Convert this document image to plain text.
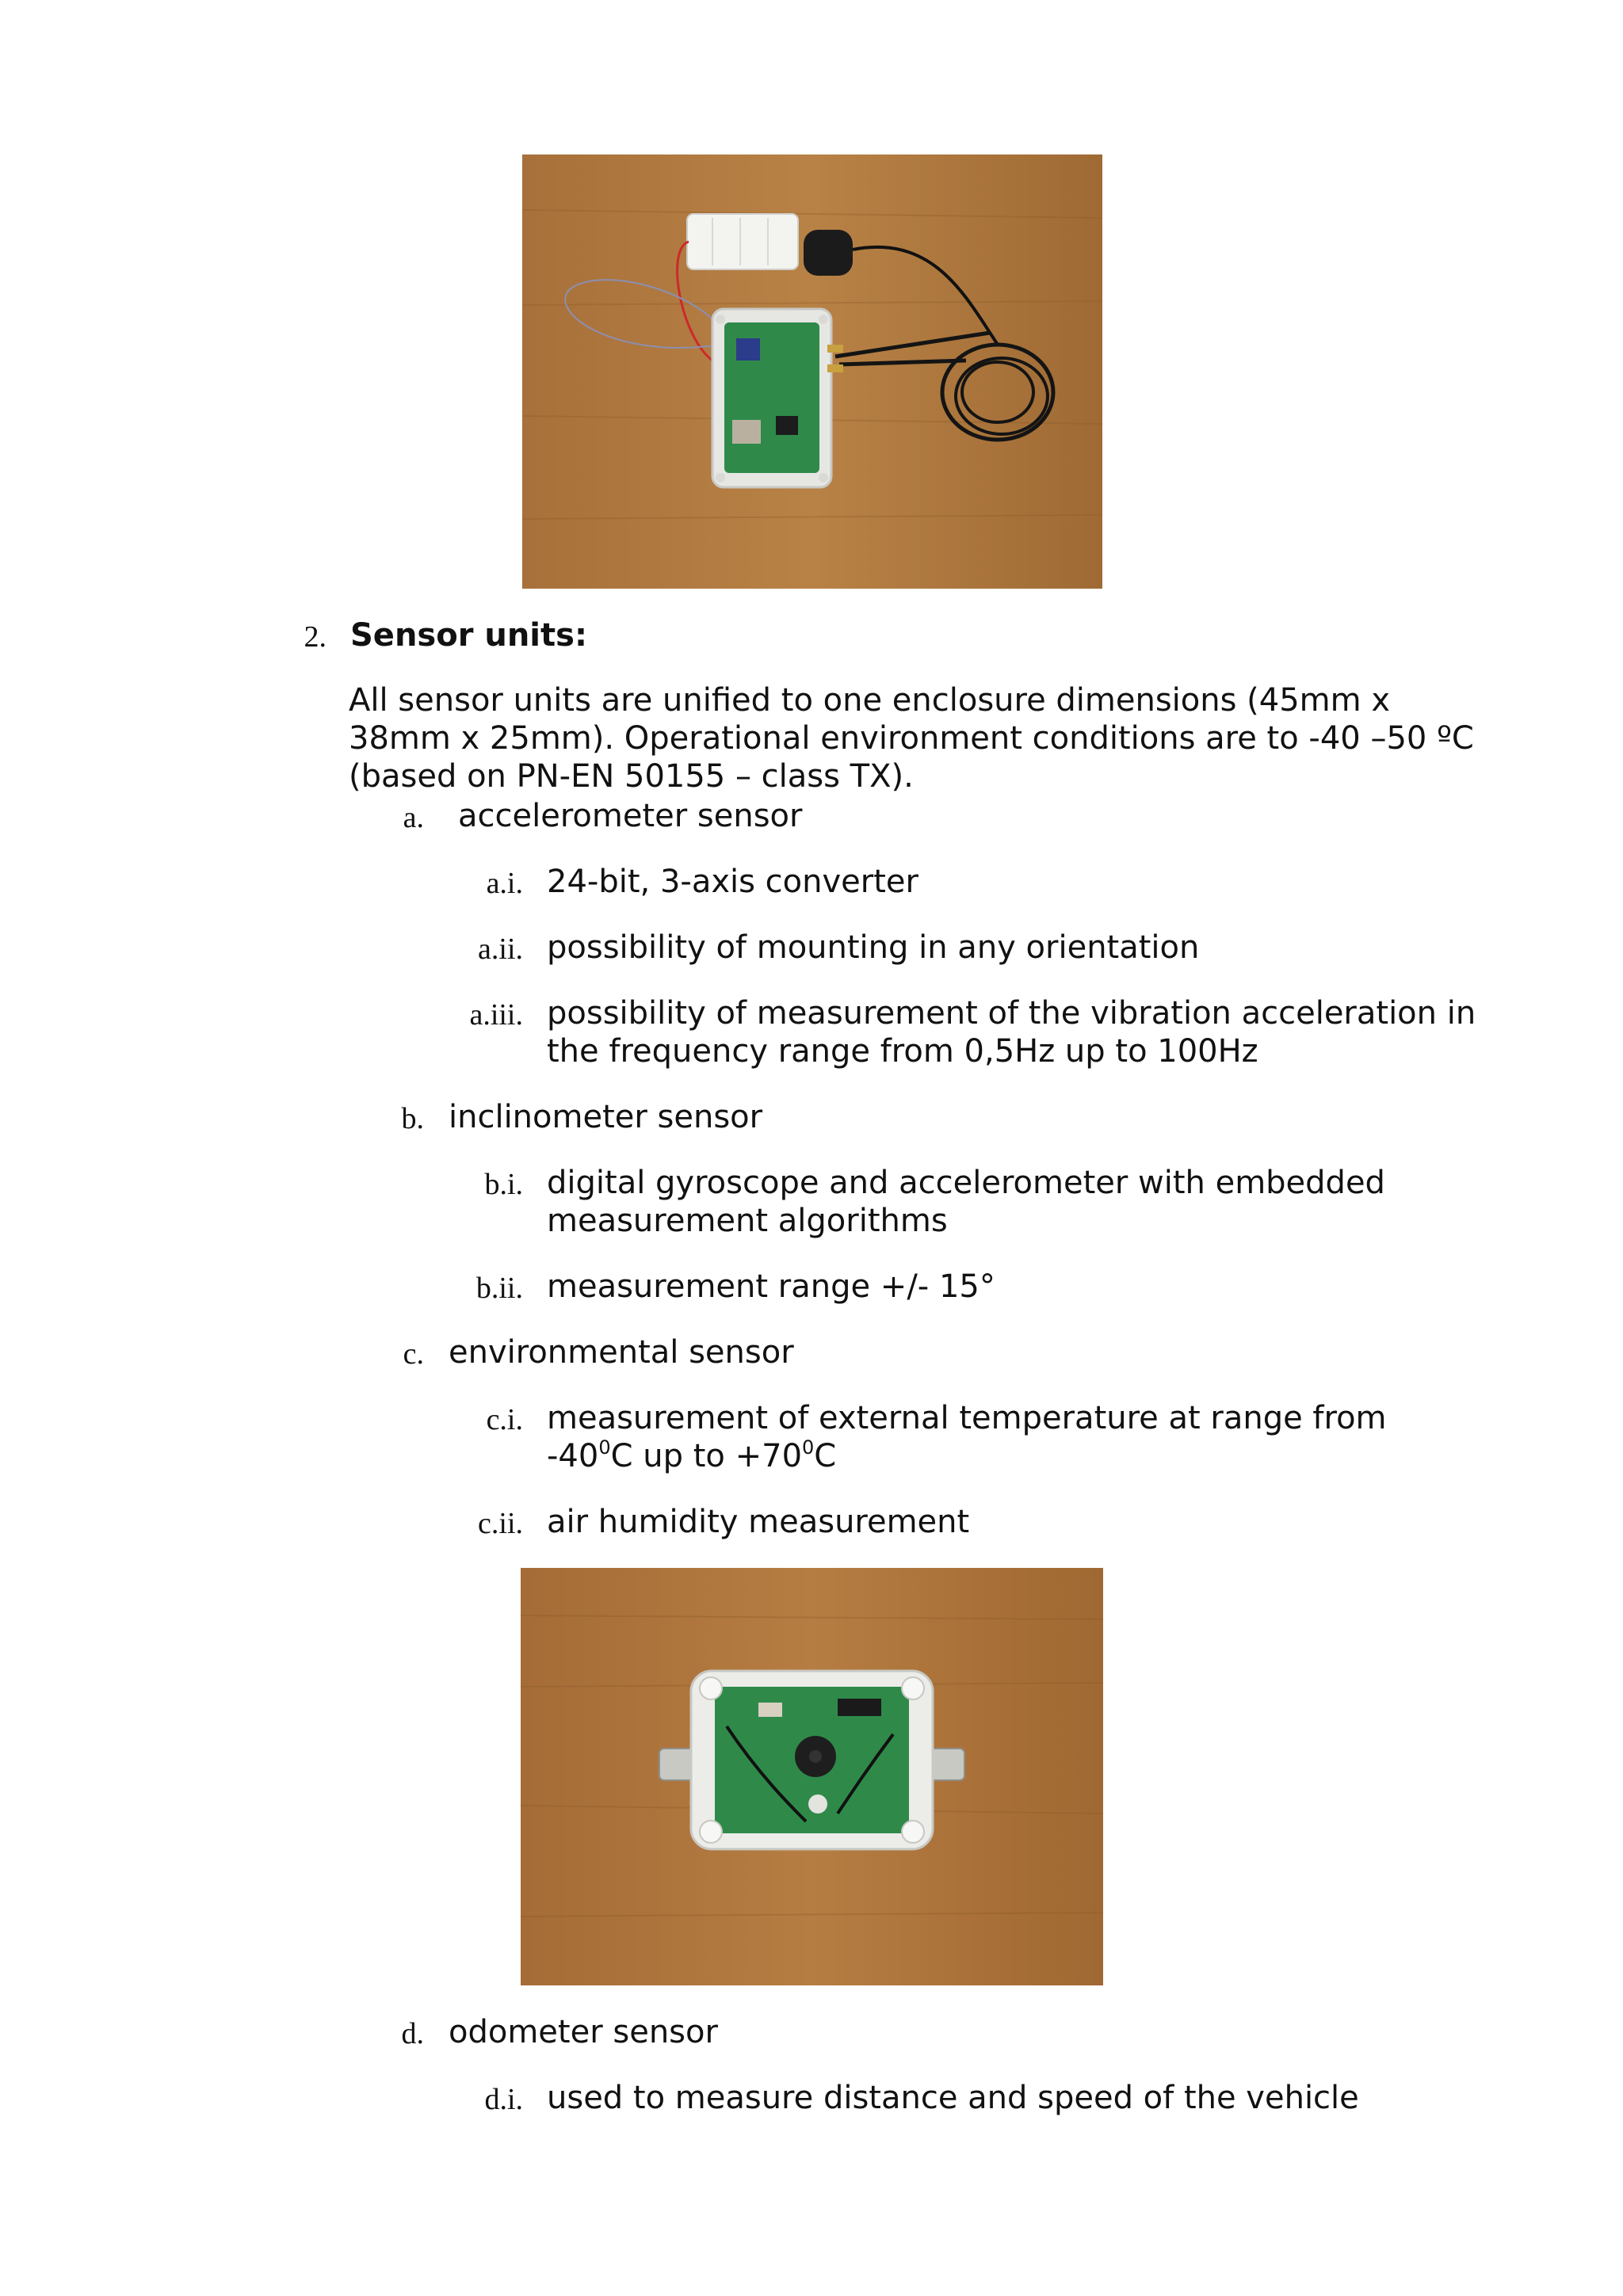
2. Sensor units:
All sensor units are unified to one enclosure dimensions (45mm x 38mm x 25mm). Operational environment conditions are to -40 –50 ºC (based on PN-EN 50155 – class TX).
a. accelerometer sensor
a.i. 24-bit, 3-axis converter
a.ii. possibility of mounting in any orientation
a.iii. possibility of measurement of the vibration acceleration in the frequency range from 0,5Hz up to 100Hz
b. inclinometer sensor
b.i. digital gyroscope and accelerometer with embedded measurement algorithms
b.ii. measurement range +/- 15°
c. environmental sensor
c.i. measurement of external temperature at range from $-40^0C$ up to $+70^0C$
c.ii. air humidity measurement
d. odometer sensor
d.i. used to measure distance and speed of the vehicle
